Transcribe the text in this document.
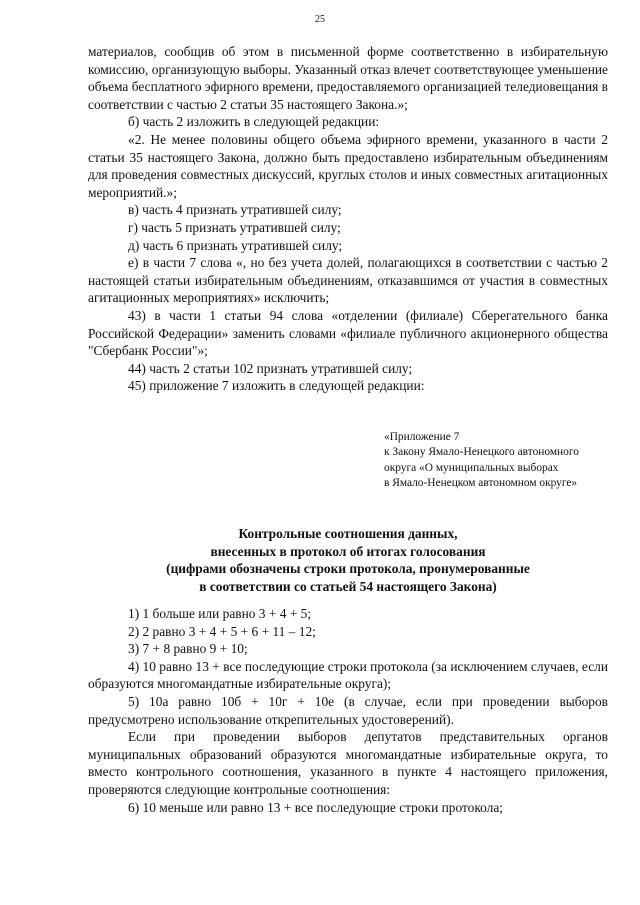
25

материалов, сообщив об этом в письменной форме соответственно в избирательную комиссию, организующую выборы. Указанный отказ влечет соответствующее уменьшение объема бесплатного эфирного времени, предоставляемого организацией теледиовещания в соответствии с частью 2 статьи 35 настоящего Закона.»;

б) часть 2 изложить в следующей редакции:

«2. Не менее половины общего объема эфирного времени, указанного в части 2 статьи 35 настоящего Закона, должно быть предоставлено избирательным объединениям для проведения совместных дискуссий, круглых столов и иных совместных агитационных мероприятий.»;

в) часть 4 признать утратившей силу;

г) часть 5 признать утратившей силу;

д) часть 6 признать утратившей силу;

е) в части 7 слова «, но без учета долей, полагающихся в соответствии с частью 2 настоящей статьи избирательным объединениям, отказавшимся от участия в совместных агитационных мероприятиях» исключить;

43) в части 1 статьи 94 слова «отделении (филиале) Сберегательного банка Российской Федерации» заменить словами «филиале публичного акционерного общества "Сбербанк России"»;

44) часть 2 статьи 102 признать утратившей силу;

45) приложение 7 изложить в следующей редакции:

«Приложение 7
к Закону Ямало-Ненецкого автономного
округа «О муниципальных выборах
в Ямало-Ненецком автономном округе»
Контрольные соотношения данных,
внесенных в протокол об итогах голосования
(цифрами обозначены строки протокола, пронумерованные
в соответствии со статьей 54 настоящего Закона)

1) 1 больше или равно 3 + 4 + 5;

2) 2 равно 3 + 4 + 5 + 6 + 11 – 12;

3) 7 + 8 равно 9 + 10;

4) 10 равно 13 + все последующие строки протокола (за исключением случаев, если образуются многомандатные избирательные округа);

5) 10а равно 10б + 10г + 10е (в случае, если при проведении выборов предусмотрено использование открепительных удостоверений).

Если при проведении выборов депутатов представительных органов муниципальных образований образуются многомандатные избирательные округа, то вместо контрольного соотношения, указанного в пункте 4 настоящего приложения, проверяются следующие контрольные соотношения:

6) 10 меньше или равно 13 + все последующие строки протокола;
